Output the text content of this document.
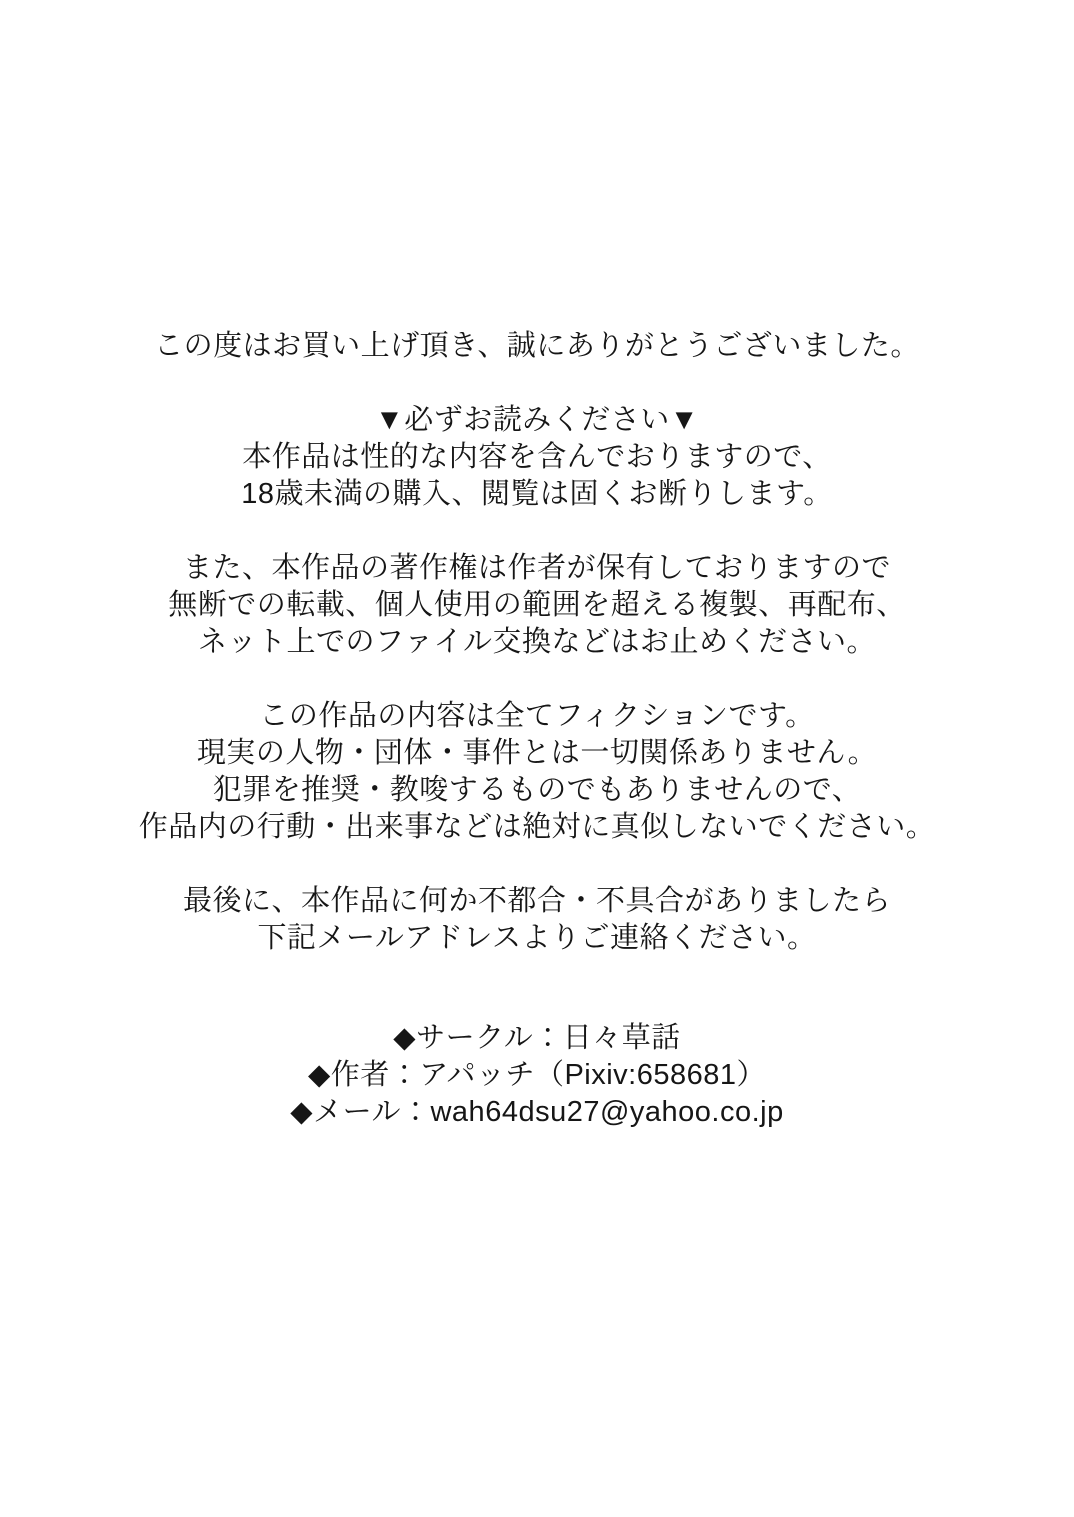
この度はお買い上げ頂き、誠にありがとうございました。

▼必ずお読みください▼

本作品は性的な内容を含んでおりますので、

18歳未満の購入、閲覧は固くお断りします。

また、本作品の著作権は作者が保有しておりますので

無断での転載、個人使用の範囲を超える複製、再配布、

ネット上でのファイル交換などはお止めください。

この作品の内容は全てフィクションです。

現実の人物・団体・事件とは一切関係ありません。

犯罪を推奨・教唆するものでもありませんので、

作品内の行動・出来事などは絶対に真似しないでください。

最後に、本作品に何か不都合・不具合がありましたら

下記メールアドレスよりご連絡ください。

◆サークル：日々草話

◆作者：アパッチ（Pixiv:658681）

◆メール：wah64dsu27@yahoo.co.jp
